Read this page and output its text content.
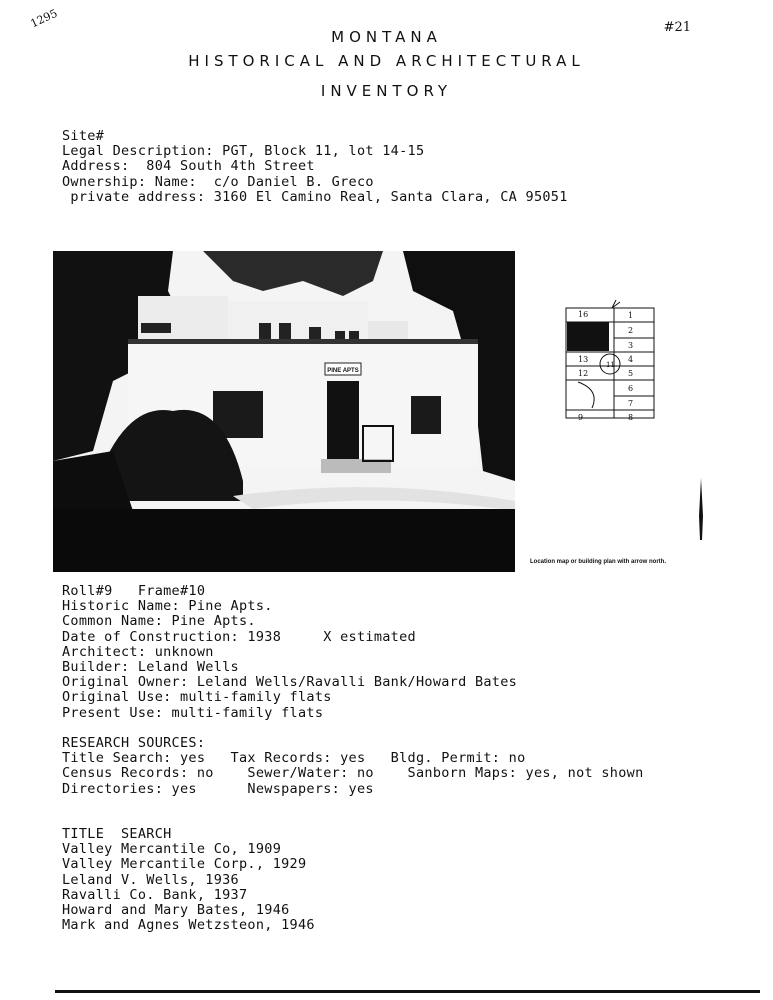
1295	#21
MONTANA
HISTORICAL AND ARCHITECTURAL
INVENTORY
Site#
Legal Description: PGT, Block 11, lot 14-15
Address:  804 South 4th Street
Ownership: Name:  c/o Daniel B. Greco
private address: 3160 El Camino Real, Santa Clara, CA 95051
PINE APTS
16	1
2
3
13	4
12	5
6
7
9	8
11
Location map or building plan with arrow north.
Roll#9   Frame#10
Historic Name: Pine Apts.
Common Name: Pine Apts.
Date of Construction: 1938     X estimated
Architect: unknown
Builder: Leland Wells
Original Owner: Leland Wells/Ravalli Bank/Howard Bates
Original Use: multi-family flats
Present Use: multi-family flats
RESEARCH SOURCES:
Title Search: yes   Tax Records: yes   Bldg. Permit: no
Census Records: no    Sewer/Water: no    Sanborn Maps: yes, not shown
Directories: yes      Newspapers: yes
TITLE  SEARCH
Valley Mercantile Co, 1909
Valley Mercantile Corp., 1929
Leland V. Wells, 1936
Ravalli Co. Bank, 1937
Howard and Mary Bates, 1946
Mark and Agnes Wetzsteon, 1946
